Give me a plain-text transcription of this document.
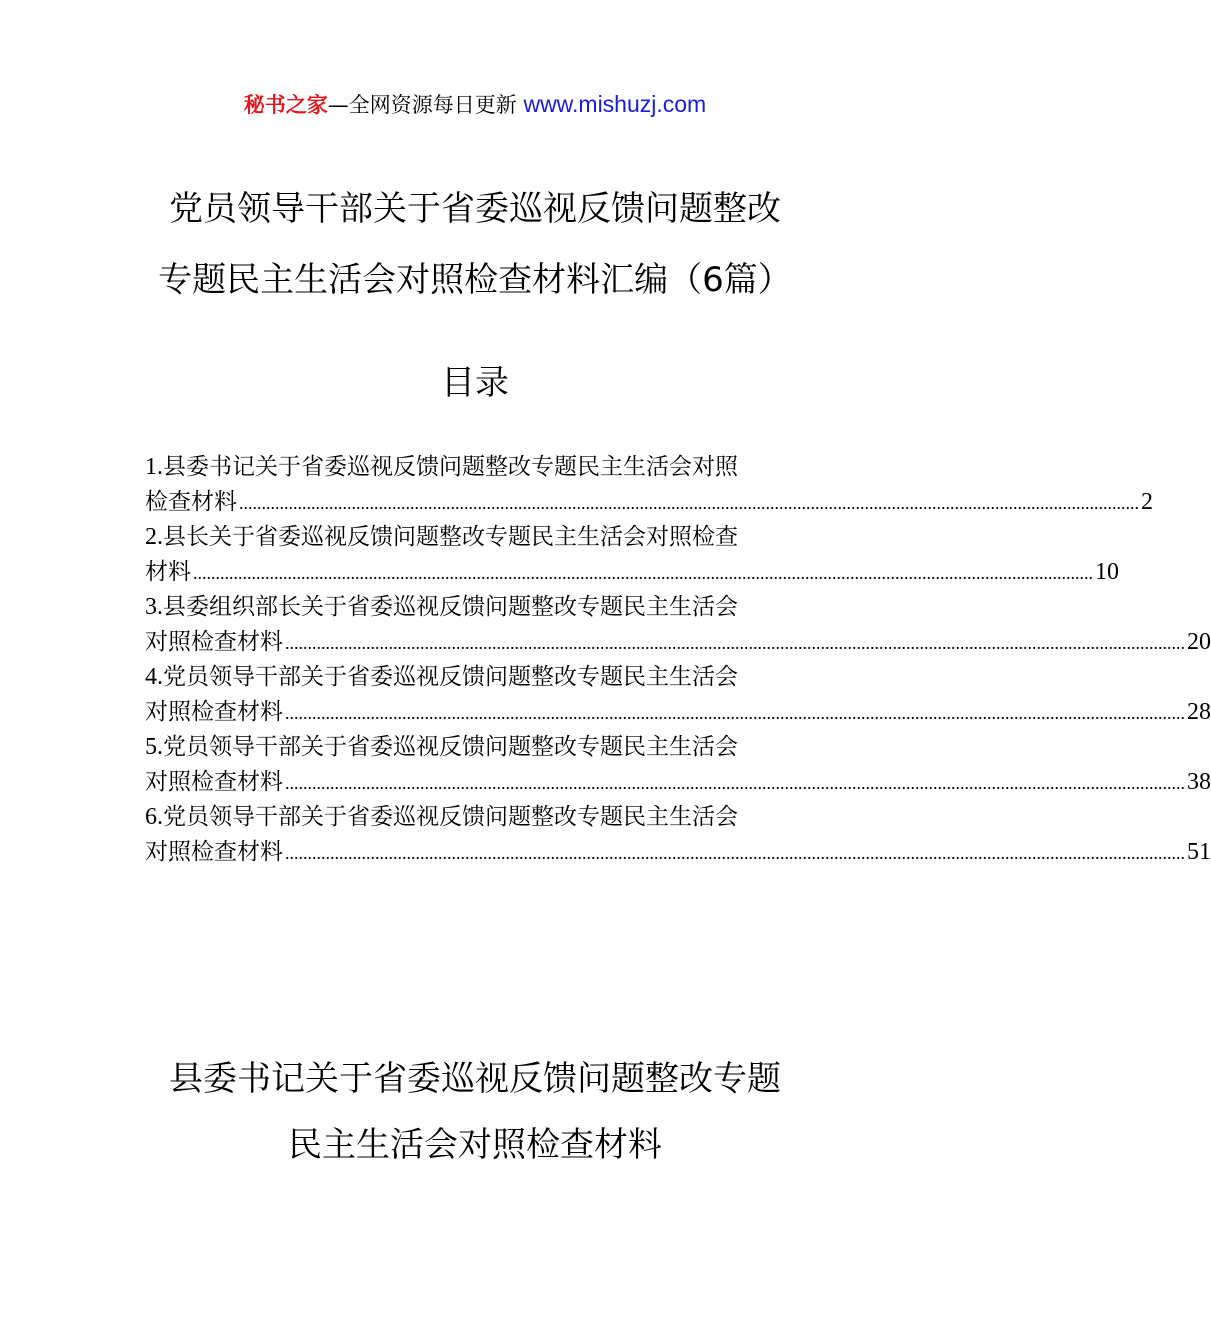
秘书之家—全网资源每日更新 www.mishuzj.com
党员领导干部关于省委巡视反馈问题整改
专题民主生活会对照检查材料汇编（6篇）
目录
1.县委书记关于省委巡视反馈问题整改专题民主生活会对照
检查材料 ........................................................................................................................................................................................................ 2
2.县长关于省委巡视反馈问题整改专题民主生活会对照检查
材料 ........................................................................................................................................................................................................ 10
3.县委组织部长关于省委巡视反馈问题整改专题民主生活会
对照检查材料 ........................................................................................................................................................................................................ 20
4.党员领导干部关于省委巡视反馈问题整改专题民主生活会
对照检查材料 ........................................................................................................................................................................................................ 28
5.党员领导干部关于省委巡视反馈问题整改专题民主生活会
对照检查材料 ........................................................................................................................................................................................................ 38
6.党员领导干部关于省委巡视反馈问题整改专题民主生活会
对照检查材料 ........................................................................................................................................................................................................ 51
县委书记关于省委巡视反馈问题整改专题
民主生活会对照检查材料
